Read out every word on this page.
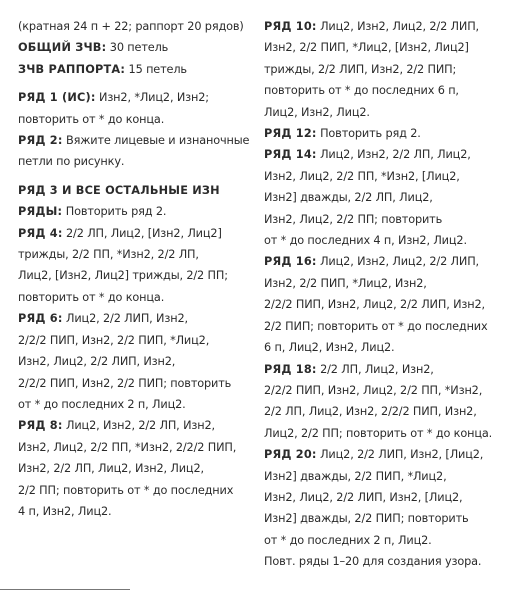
(кратная 24 п + 22; раппорт 20 рядов)
ОБЩИЙ ЗЧВ: 30 петель
ЗЧВ РАППОРТА: 15 петель
РЯД 1 (ИС): Изн2, *Лиц2, Изн2;
повторить от * до конца.
РЯД 2: Вяжите лицевые и изнаночные
петли по рисунку.
РЯД 3 И ВСЕ ОСТАЛЬНЫЕ ИЗН
РЯДЫ: Повторить ряд 2.
РЯД 4: 2/2 ЛП, Лиц2, [Изн2, Лиц2]
трижды, 2/2 ПП, *Изн2, 2/2 ЛП,
Лиц2, [Изн2, Лиц2] трижды, 2/2 ПП;
повторить от * до конца.
РЯД 6: Лиц2, 2/2 ЛИП, Изн2,
2/2/2 ПИП, Изн2, 2/2 ПИП, *Лиц2,
Изн2, Лиц2, 2/2 ЛИП, Изн2,
2/2/2 ПИП, Изн2, 2/2 ПИП; повторить
от * до последних 2 п, Лиц2.
РЯД 8: Лиц2, Изн2, 2/2 ЛП, Изн2,
Изн2, Лиц2, 2/2 ПП, *Изн2, 2/2/2 ПИП,
Изн2, 2/2 ЛП, Лиц2, Изн2, Лиц2,
2/2 ПП; повторить от * до последних
4 п, Изн2, Лиц2.
РЯД 10: Лиц2, Изн2, Лиц2, 2/2 ЛИП,
Изн2, 2/2 ПИП, *Лиц2, [Изн2, Лиц2]
трижды, 2/2 ЛИП, Изн2, 2/2 ПИП;
повторить от * до последних 6 п,
Лиц2, Изн2, Лиц2.
РЯД 12: Повторить ряд 2.
РЯД 14: Лиц2, Изн2, 2/2 ЛП, Лиц2,
Изн2, Лиц2, 2/2 ПП, *Изн2, [Лиц2,
Изн2] дважды, 2/2 ЛП, Лиц2,
Изн2, Лиц2, 2/2 ПП; повторить
от * до последних 4 п, Изн2, Лиц2.
РЯД 16: Лиц2, Изн2, Лиц2, 2/2 ЛИП,
Изн2, 2/2 ПИП, *Лиц2, Изн2,
2/2/2 ПИП, Изн2, Лиц2, 2/2 ЛИП, Изн2,
2/2 ПИП; повторить от * до последних
6 п, Лиц2, Изн2, Лиц2.
РЯД 18: 2/2 ЛП, Лиц2, Изн2,
2/2/2 ПИП, Изн2, Лиц2, 2/2 ПП, *Изн2,
2/2 ЛП, Лиц2, Изн2, 2/2/2 ПИП, Изн2,
Лиц2, 2/2 ПП; повторить от * до конца.
РЯД 20: Лиц2, 2/2 ЛИП, Изн2, [Лиц2,
Изн2] дважды, 2/2 ПИП, *Лиц2,
Изн2, Лиц2, 2/2 ЛИП, Изн2, [Лиц2,
Изн2] дважды, 2/2 ПИП; повторить
от * до последних 2 п, Лиц2.
Повт. ряды 1–20 для создания узора.
